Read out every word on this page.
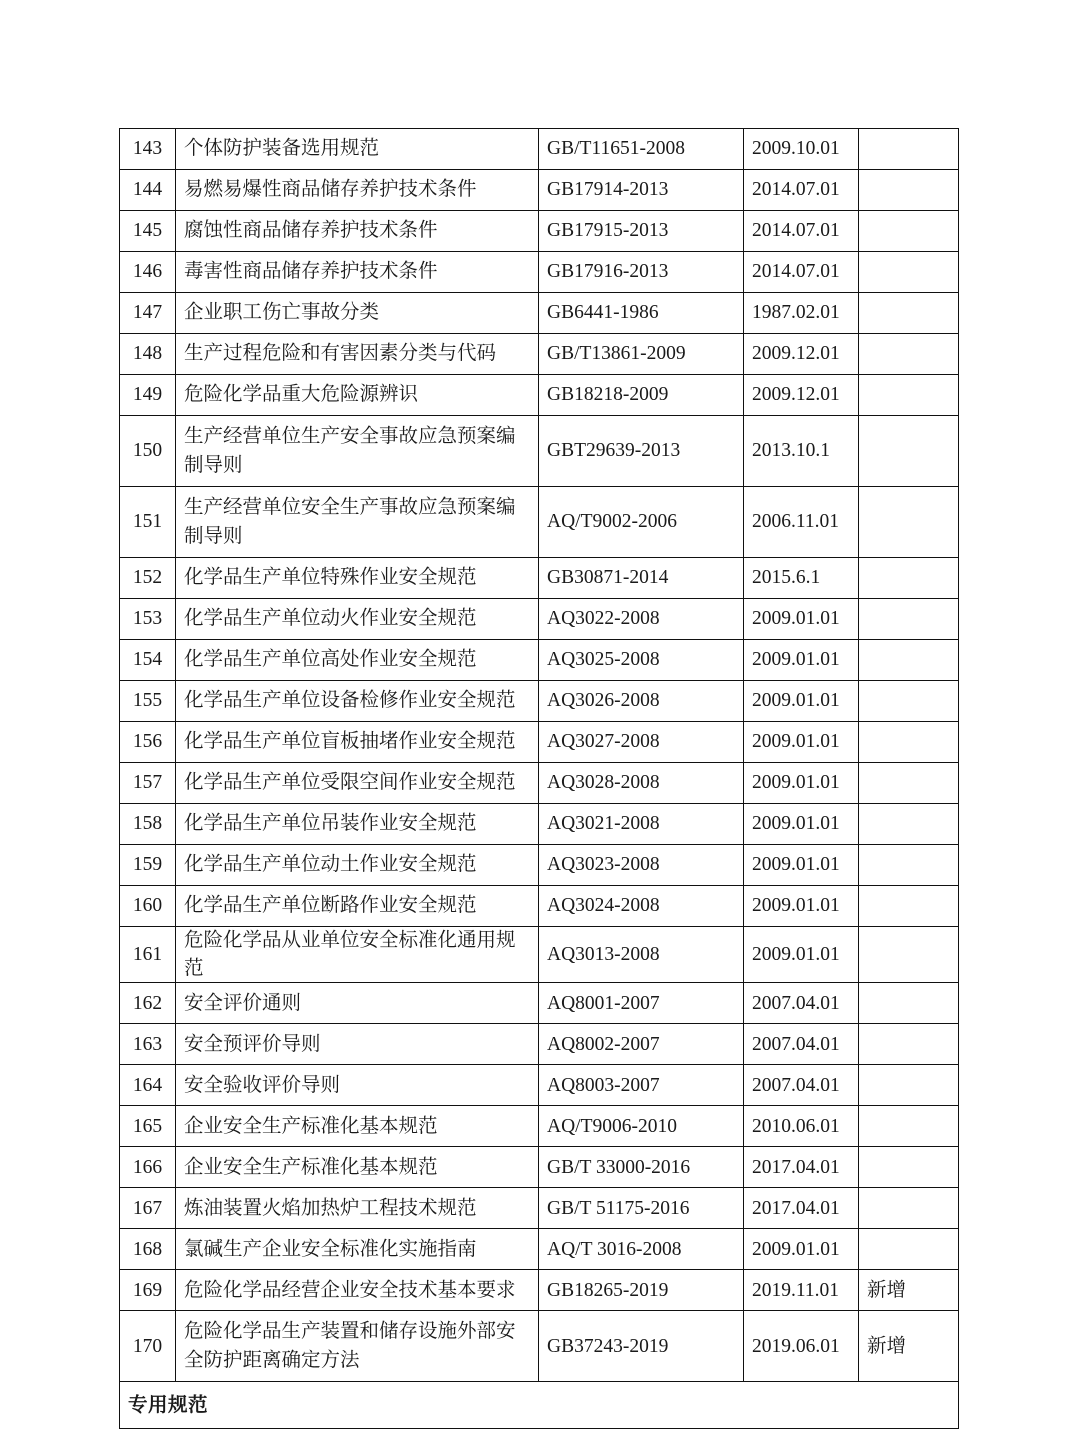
143	个体防护装备选用规范	GB/T11651-2008	2009.10.01	
144	易燃易爆性商品储存养护技术条件	GB17914-2013	2014.07.01	
145	腐蚀性商品储存养护技术条件	GB17915-2013	2014.07.01	
146	毒害性商品储存养护技术条件	GB17916-2013	2014.07.01	
147	企业职工伤亡事故分类	GB6441-1986	1987.02.01	
148	生产过程危险和有害因素分类与代码	GB/T13861-2009	2009.12.01	
149	危险化学品重大危险源辨识	GB18218-2009	2009.12.01	
150	生产经营单位生产安全事故应急预案编制导则	GBT29639-2013	2013.10.1	
151	生产经营单位安全生产事故应急预案编制导则	AQ/T9002-2006	2006.11.01	
152	化学品生产单位特殊作业安全规范	GB30871-2014	2015.6.1	
153	化学品生产单位动火作业安全规范	AQ3022-2008	2009.01.01	
154	化学品生产单位高处作业安全规范	AQ3025-2008	2009.01.01	
155	化学品生产单位设备检修作业安全规范	AQ3026-2008	2009.01.01	
156	化学品生产单位盲板抽堵作业安全规范	AQ3027-2008	2009.01.01	
157	化学品生产单位受限空间作业安全规范	AQ3028-2008	2009.01.01	
158	化学品生产单位吊装作业安全规范	AQ3021-2008	2009.01.01	
159	化学品生产单位动土作业安全规范	AQ3023-2008	2009.01.01	
160	化学品生产单位断路作业安全规范	AQ3024-2008	2009.01.01	
161	危险化学品从业单位安全标准化通用规范	AQ3013-2008	2009.01.01	
162	安全评价通则	AQ8001-2007	2007.04.01	
163	安全预评价导则	AQ8002-2007	2007.04.01	
164	安全验收评价导则	AQ8003-2007	2007.04.01	
165	企业安全生产标准化基本规范	AQ/T9006-2010	2010.06.01	
166	企业安全生产标准化基本规范	GB/T 33000-2016	2017.04.01	
167	炼油装置火焰加热炉工程技术规范	GB/T 51175-2016	2017.04.01	
168	氯碱生产企业安全标准化实施指南	AQ/T 3016-2008	2009.01.01	
169	危险化学品经营企业安全技术基本要求	GB18265-2019	2019.11.01	新增
170	危险化学品生产装置和储存设施外部安全防护距离确定方法	GB37243-2019	2019.06.01	新增
专用规范				
